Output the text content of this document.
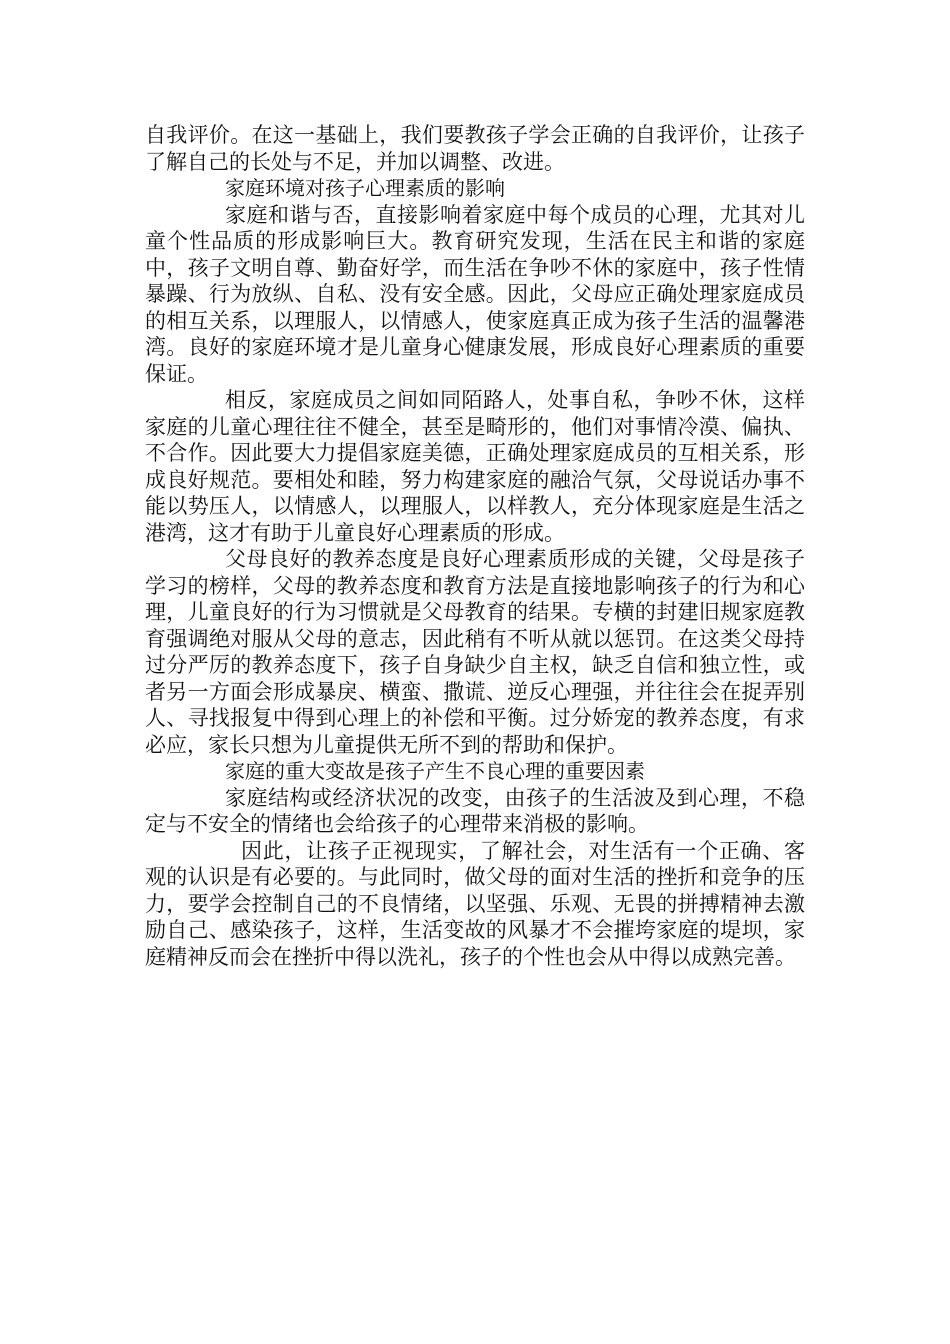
自我评价。在这一基础上，我们要教孩子学会正确的自我评价，让孩子了解自己的长处与不足，并加以调整、改进。

家庭环境对孩子心理素质的影响

家庭和谐与否，直接影响着家庭中每个成员的心理，尤其对儿童个性品质的形成影响巨大。教育研究发现，生活在民主和谐的家庭中，孩子文明自尊、勤奋好学，而生活在争吵不休的家庭中，孩子性情暴躁、行为放纵、自私、没有安全感。因此，父母应正确处理家庭成员的相互关系，以理服人，以情感人，使家庭真正成为孩子生活的温馨港湾。良好的家庭环境才是儿童身心健康发展，形成良好心理素质的重要保证。

相反，家庭成员之间如同陌路人，处事自私，争吵不休，这样家庭的儿童心理往往不健全，甚至是畸形的，他们对事情冷漠、偏执、不合作。因此要大力提倡家庭美德，正确处理家庭成员的互相关系，形成良好规范。要相处和睦，努力构建家庭的融洽气氛，父母说话办事不能以势压人，以情感人，以理服人，以样教人，充分体现家庭是生活之港湾，这才有助于儿童良好心理素质的形成。

父母良好的教养态度是良好心理素质形成的关键，父母是孩子学习的榜样，父母的教养态度和教育方法是直接地影响孩子的行为和心理，儿童良好的行为习惯就是父母教育的结果。专横的封建旧规家庭教育强调绝对服从父母的意志，因此稍有不听从就以惩罚。在这类父母持过分严厉的教养态度下，孩子自身缺少自主权，缺乏自信和独立性，或者另一方面会形成暴戾、横蛮、撒谎、逆反心理强，并往往会在捉弄别人、寻找报复中得到心理上的补偿和平衡。过分娇宠的教养态度，有求必应，家长只想为儿童提供无所不到的帮助和保护。

家庭的重大变故是孩子产生不良心理的重要因素

家庭结构或经济状况的改变，由孩子的生活波及到心理，不稳定与不安全的情绪也会给孩子的心理带来消极的影响。

因此，让孩子正视现实，了解社会，对生活有一个正确、客观的认识是有必要的。与此同时，做父母的面对生活的挫折和竞争的压力，要学会控制自己的不良情绪，以坚强、乐观、无畏的拼搏精神去激励自己、感染孩子，这样，生活变故的风暴才不会摧垮家庭的堤坝，家庭精神反而会在挫折中得以洗礼，孩子的个性也会从中得以成熟完善。
